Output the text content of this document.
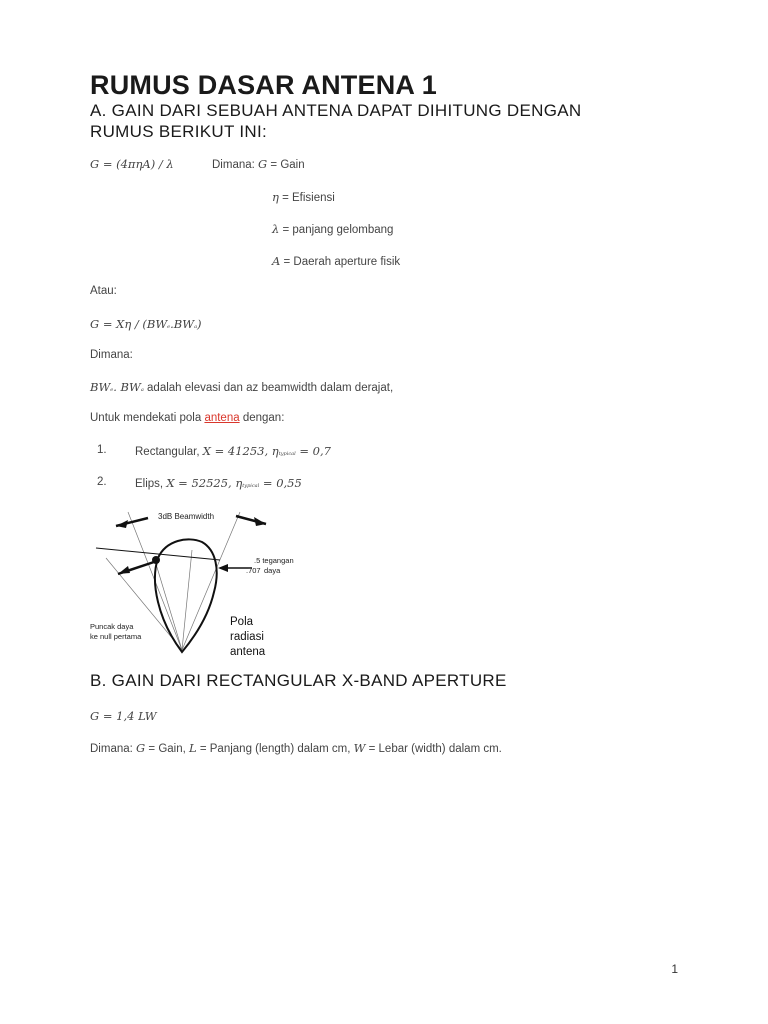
RUMUS DASAR ANTENA 1
A. GAIN DARI SEBUAH ANTENA DAPAT DIHITUNG DENGAN
RUMUS BERIKUT INI:
G = (4πηA) / λ	Dimana: G = Gain
η = Efisiensi
λ = panjang gelombang
A = Daerah aperture fisik
Atau:
G = Xη / (BWe.BWa)
Dimana:
BWe. BWa adalah elevasi dan az beamwidth dalam derajat,
Untuk mendekati pola antena dengan:
1. Rectangular, X = 41253, ηtypical = 0,7
2. Elips, X = 52525, ηtypical = 0,55
3dB Beamwidth
.5 tegangan
.707 daya
Puncak daya
ke null pertama
Pola
radiasi
antena
B. GAIN DARI RECTANGULAR X-BAND APERTURE
G = 1,4 LW
Dimana: G = Gain, L = Panjang (length) dalam cm, W = Lebar (width) dalam cm.
1
